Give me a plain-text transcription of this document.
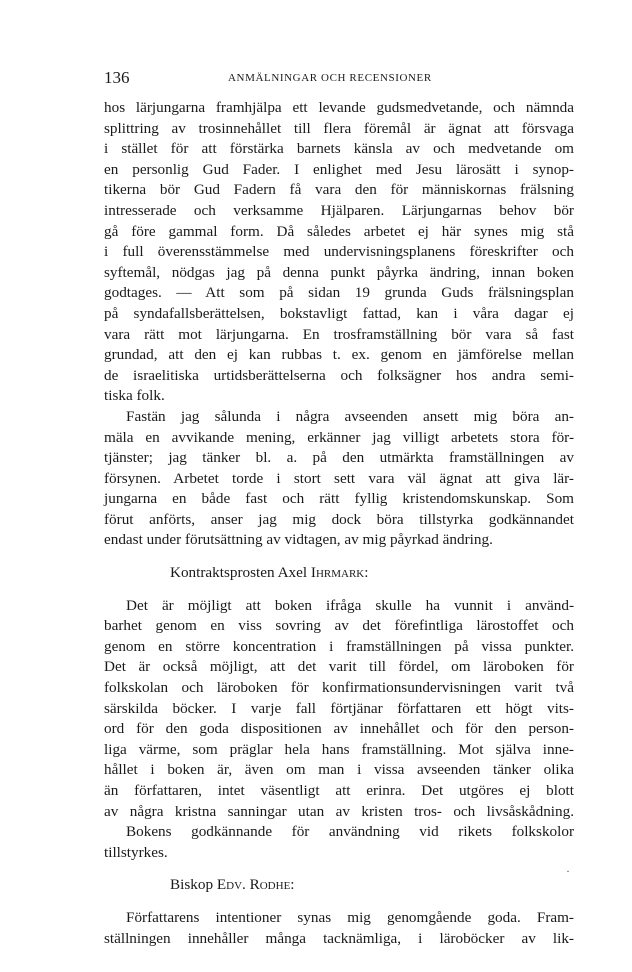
136	ANMÄLNINGAR OCH RECENSIONER
hos lärjungarna framhjälpa ett levande gudsmedvetande, och nämnda
splittring av trosinnehållet till flera föremål är ägnat att försvaga
i stället för att förstärka barnets känsla av och medvetande om
en personlig Gud Fader. I enlighet med Jesu lärosätt i synop-
tikerna bör Gud Fadern få vara den för människornas frälsning
intresserade och verksamme Hjälparen. Lärjungarnas behov bör
gå före gammal form. Då således arbetet ej här synes mig stå
i full överensstämmelse med undervisningsplanens föreskrifter och
syftemål, nödgas jag på denna punkt påyrka ändring, innan boken
godtages. — Att som på sidan 19 grunda Guds frälsningsplan
på syndafallsberättelsen, bokstavligt fattad, kan i våra dagar ej
vara rätt mot lärjungarna. En trosframställning bör vara så fast
grundad, att den ej kan rubbas t. ex. genom en jämförelse mellan
de israelitiska urtidsberättelserna och folksägner hos andra semi-
tiska folk.
Fastän jag sålunda i några avseenden ansett mig böra an-
mäla en avvikande mening, erkänner jag villigt arbetets stora för-
tjänster; jag tänker bl. a. på den utmärkta framställningen av
försynen. Arbetet torde i stort sett vara väl ägnat att giva lär-
jungarna en både fast och rätt fyllig kristendomskunskap. Som
förut anförts, anser jag mig dock böra tillstyrka godkännandet
endast under förutsättning av vidtagen, av mig påyrkad ändring.
Kontraktsprosten Axel Ihrmark:
Det är möjligt att boken ifråga skulle ha vunnit i använd-
barhet genom en viss sovring av det förefintliga lärostoffet och
genom en större koncentration i framställningen på vissa punkter.
Det är också möjligt, att det varit till fördel, om läroboken för
folkskolan och läroboken för konfirmationsundervisningen varit två
särskilda böcker. I varje fall förtjänar författaren ett högt vits-
ord för den goda dispositionen av innehållet och för den person-
liga värme, som präglar hela hans framställning. Mot själva inne-
hållet i boken är, även om man i vissa avseenden tänker olika
än författaren, intet väsentligt att erinra. Det utgöres ej blott
av några kristna sanningar utan av kristen tros- och livsåskådning.
Bokens godkännande för användning vid rikets folkskolor
tillstyrkes.
Biskop Edv. Rodhe:
Författarens intentioner synas mig genomgående goda. Fram-
ställningen innehåller många tacknämliga, i läroböcker av lik-
·
